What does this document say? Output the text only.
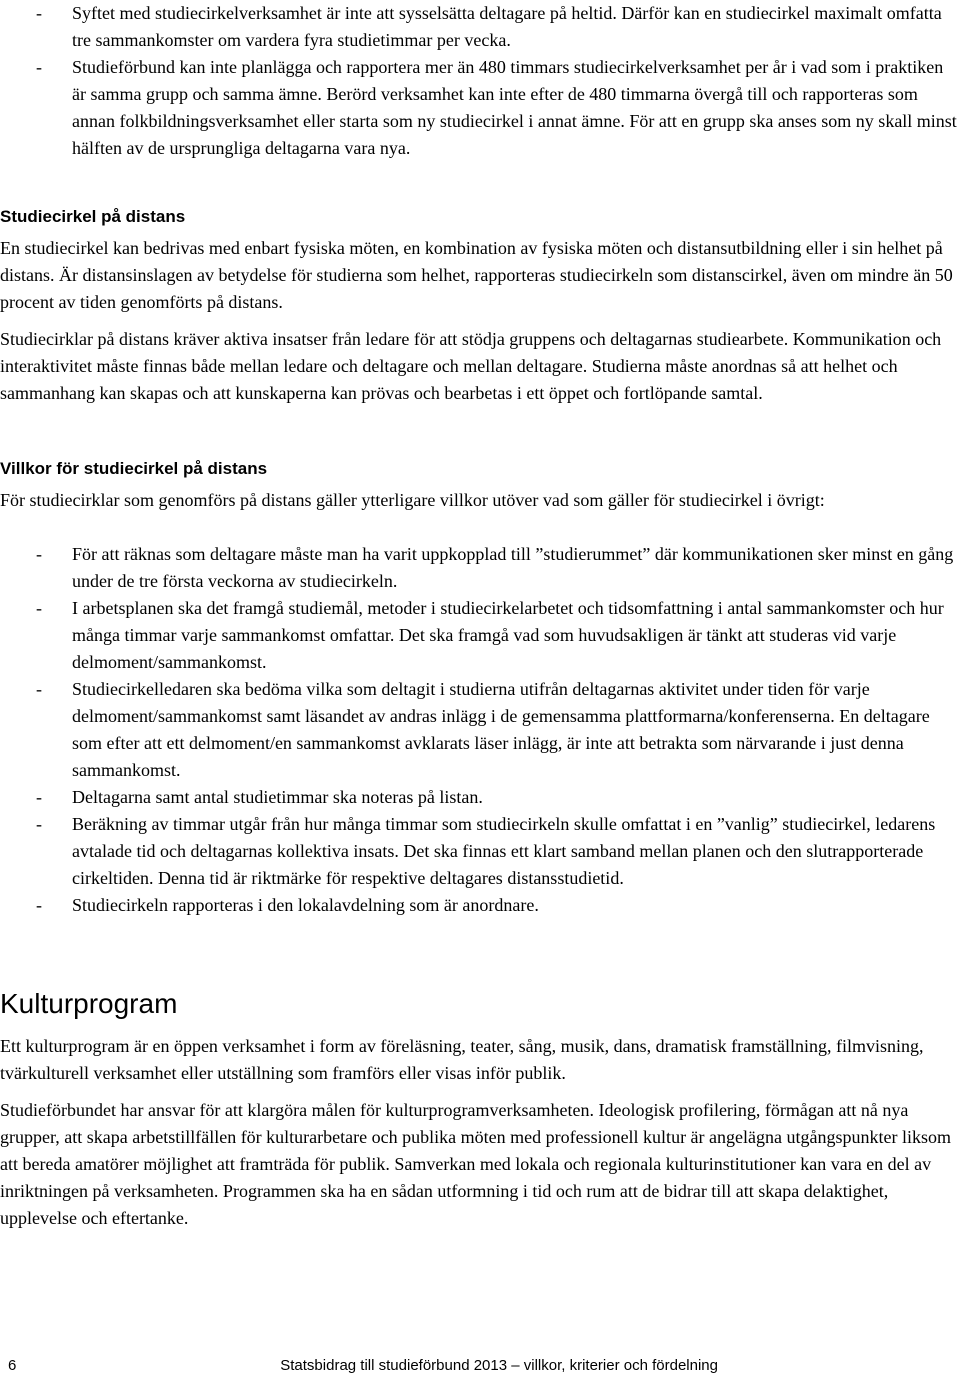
- Syftet med studiecirkelverksamhet är inte att sysselsätta deltagare på heltid. Därför kan en studiecirkel maximalt omfatta tre sammankomster om vardera fyra studietimmar per vecka.
- Studieförbund kan inte planlägga och rapportera mer än 480 timmars studiecirkelverksamhet per år i vad som i praktiken är samma grupp och samma ämne. Berörd verksamhet kan inte efter de 480 timmarna övergå till och rapporteras som annan folkbildningsverksamhet eller starta som ny studiecirkel i annat ämne. För att en grupp ska anses som ny skall minst hälften av de ursprungliga deltagarna vara nya.
Studiecirkel på distans

En studiecirkel kan bedrivas med enbart fysiska möten, en kombination av fysiska möten och distansutbildning eller i sin helhet på distans. Är distansinslagen av betydelse för studierna som helhet, rapporteras studiecirkeln som distanscirkel, även om mindre än 50 procent av tiden genomförts på distans.

Studiecirklar på distans kräver aktiva insatser från ledare för att stödja gruppens och deltagarnas studiearbete. Kommunikation och interaktivitet måste finnas både mellan ledare och deltagare och mellan deltagare. Studierna måste anordnas så att helhet och sammanhang kan skapas och att kunskaperna kan prövas och bearbetas i ett öppet och fortlöpande samtal.

Villkor för studiecirkel på distans

För studiecirklar som genomförs på distans gäller ytterligare villkor utöver vad som gäller för studiecirkel i övrigt:

- För att räknas som deltagare måste man ha varit uppkopplad till ”studierummet” där kommunikationen sker minst en gång under de tre första veckorna av studiecirkeln.
- I arbetsplanen ska det framgå studiemål, metoder i studiecirkelarbetet och tidsomfattning i antal sammankomster och hur många timmar varje sammankomst omfattar. Det ska framgå vad som huvudsakligen är tänkt att studeras vid varje delmoment/sammankomst.
- Studiecirkelledaren ska bedöma vilka som deltagit i studierna utifrån deltagarnas aktivitet under tiden för varje delmoment/sammankomst samt läsandet av andras inlägg i de gemensamma plattformarna/konferenserna. En deltagare som efter att ett delmoment/en sammankomst avklarats läser inlägg, är inte att betrakta som närvarande i just denna sammankomst.
- Deltagarna samt antal studietimmar ska noteras på listan.
- Beräkning av timmar utgår från hur många timmar som studiecirkeln skulle omfattat i en ”vanlig” studiecirkel, ledarens avtalade tid och deltagarnas kollektiva insats. Det ska finnas ett klart samband mellan planen och den slutrapporterade cirkeltiden. Denna tid är riktmärke för respektive deltagares distansstudietid.
- Studiecirkeln rapporteras i den lokalavdelning som är anordnare.
Kulturprogram

Ett kulturprogram är en öppen verksamhet i form av föreläsning, teater, sång, musik, dans, dramatisk framställning, filmvisning, tvärkulturell verksamhet eller utställning som framförs eller visas inför publik.

Studieförbundet har ansvar för att klargöra målen för kulturprogramverksamheten. Ideologisk profilering, förmågan att nå nya grupper, att skapa arbetstillfällen för kulturarbetare och publika möten med professionell kultur är angelägna utgångspunkter liksom att bereda amatörer möjlighet att framträda för publik. Samverkan med lokala och regionala kulturinstitutioner kan vara en del av inriktningen på verksamheten. Programmen ska ha en sådan utformning i tid och rum att de bidrar till att skapa delaktighet, upplevelse och eftertanke.

6	Statsbidrag till studieförbund 2013 – villkor, kriterier och fördelning
